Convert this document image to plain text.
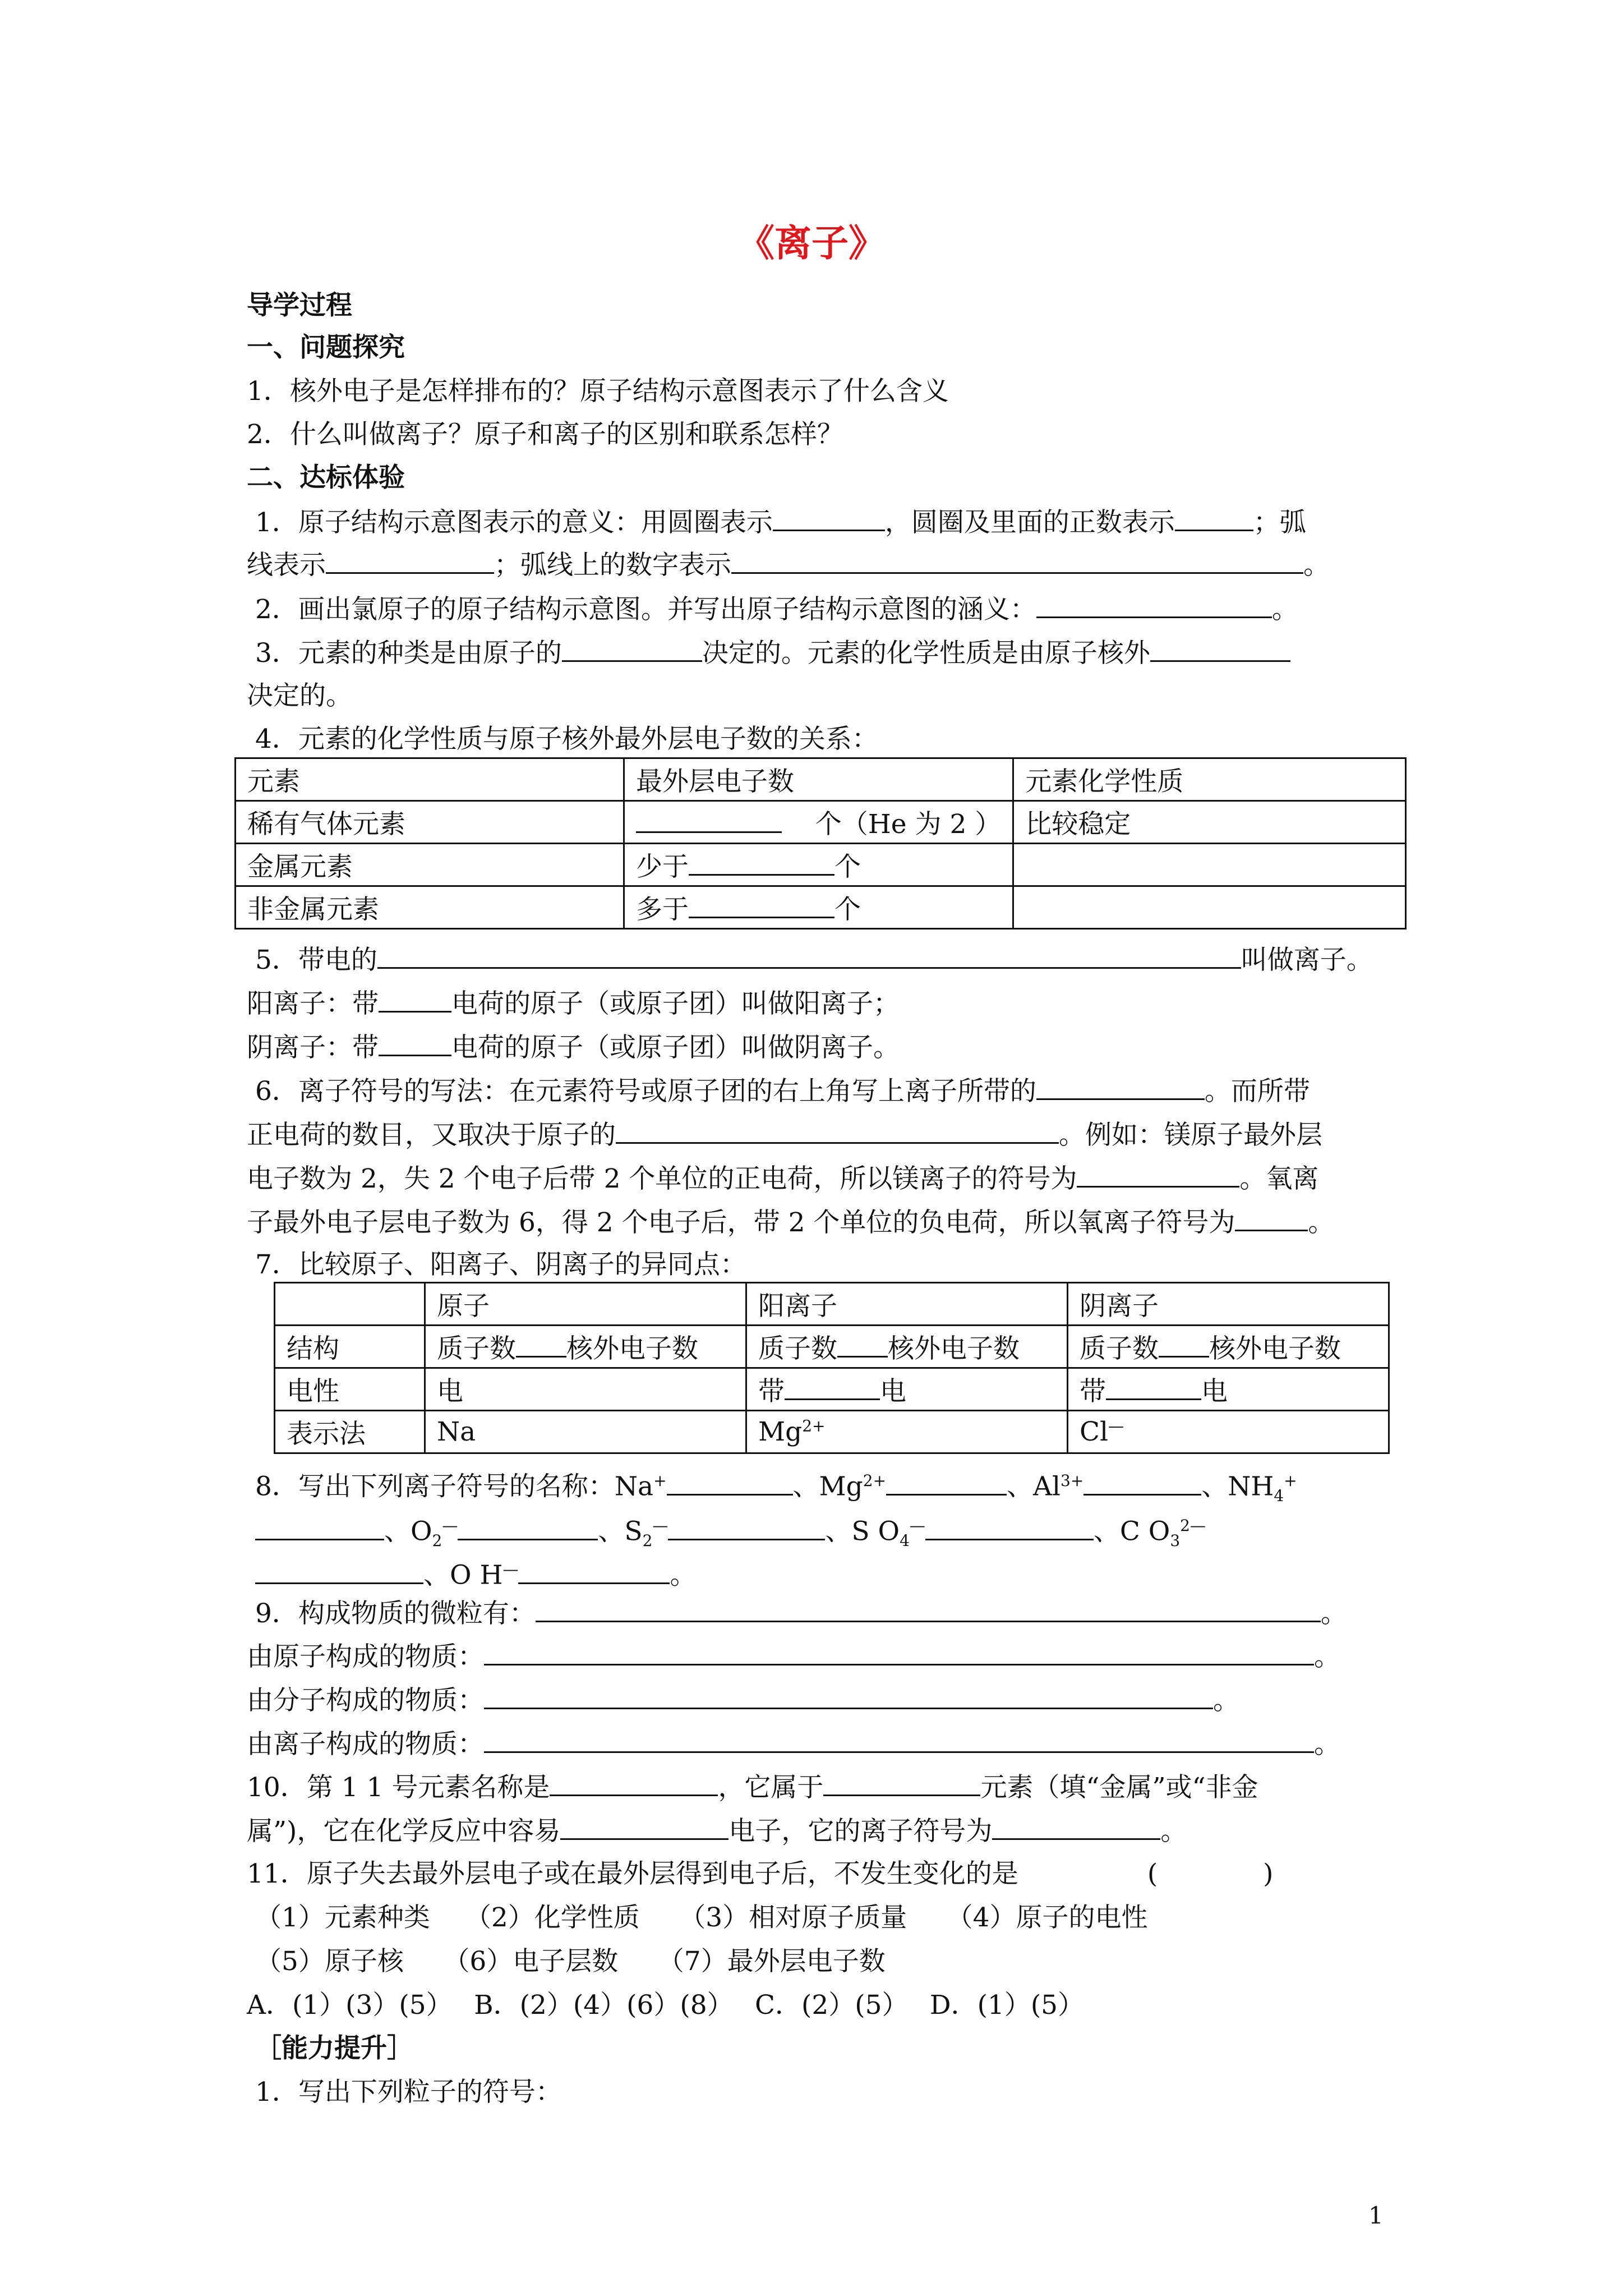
《离子》
导学过程
一、问题探究
1．核外电子是怎样排布的？原子结构示意图表示了什么含义
2．什么叫做离子？原子和离子的区别和联系怎样？
二、达标体验
1．原子结构示意图表示的意义：用圆圈表示	，圆圈及里面的正数表示	；弧
线表示	；弧线上的数字表示	。
2．画出氯原子的原子结构示意图。并写出原子结构示意图的涵义：	。
3．元素的种类是由原子的	决定的。元素的化学性质是由原子核外
决定的。
4．元素的化学性质与原子核外最外层电子数的关系：
元素	最外层电子数	元素化学性质
稀有气体元素	个（He 为 2 ）	比较稳定
金属元素	少于 个	
非金属元素	多于 个	
5．带电的	叫做离子。
阳离子：带	电荷的原子（或原子团）叫做阳离子；
阴离子：带	电荷的原子（或原子团）叫做阴离子。
6．离子符号的写法：在元素符号或原子团的右上角写上离子所带的	。而所带
正电荷的数目，又取决于原子的	。例如：镁原子最外层
电子数为 2，失 2 个电子后带 2 个单位的正电荷，所以镁离子的符号为	。氧离
子最外电子层电子数为 6，得 2 个电子后，带 2 个单位的负电荷，所以氧离子符号为	。
7．比较原子、阳离子、阴离子的异同点：
	原子	阳离子	阴离子
结构	质子数 核外电子数	质子数 核外电子数	质子数 核外电子数
电性	电	带 电	带 电
表示法	Na	$Mg^{2+}$	Cl—
8．写出下列离子符号的名称：Na+	、$Mg^{2+}$	、$Al^{3+}$	、$NH_4^+$
、$O_2^—$	、$S_2^—$	、S $O_4^—$	、C $O_3^{2—}$
、O H—	。
9．构成物质的微粒有：	。
由原子构成的物质：	。
由分子构成的物质：	。
由离子构成的物质：	。
10．第 1 1 号元素名称是	，它属于	元素（填“金属”或“非金
属”)，它在化学反应中容易	电子，它的离子符号为	。
11．原子失去最外层电子或在最外层得到电子后，不发生变化的是	(　　　　)
（1）元素种类　 （2）化学性质　　（3）相对原子质量　　（4）原子的电性
（5）原子核　　（6）电子层数　　（7）最外层电子数
A．(1）(3）(5）　 B．(2）(4）(6）(8）　 C．(2）(5）　 D．(1）(5）
［能力提升］
1．写出下列粒子的符号：
1
